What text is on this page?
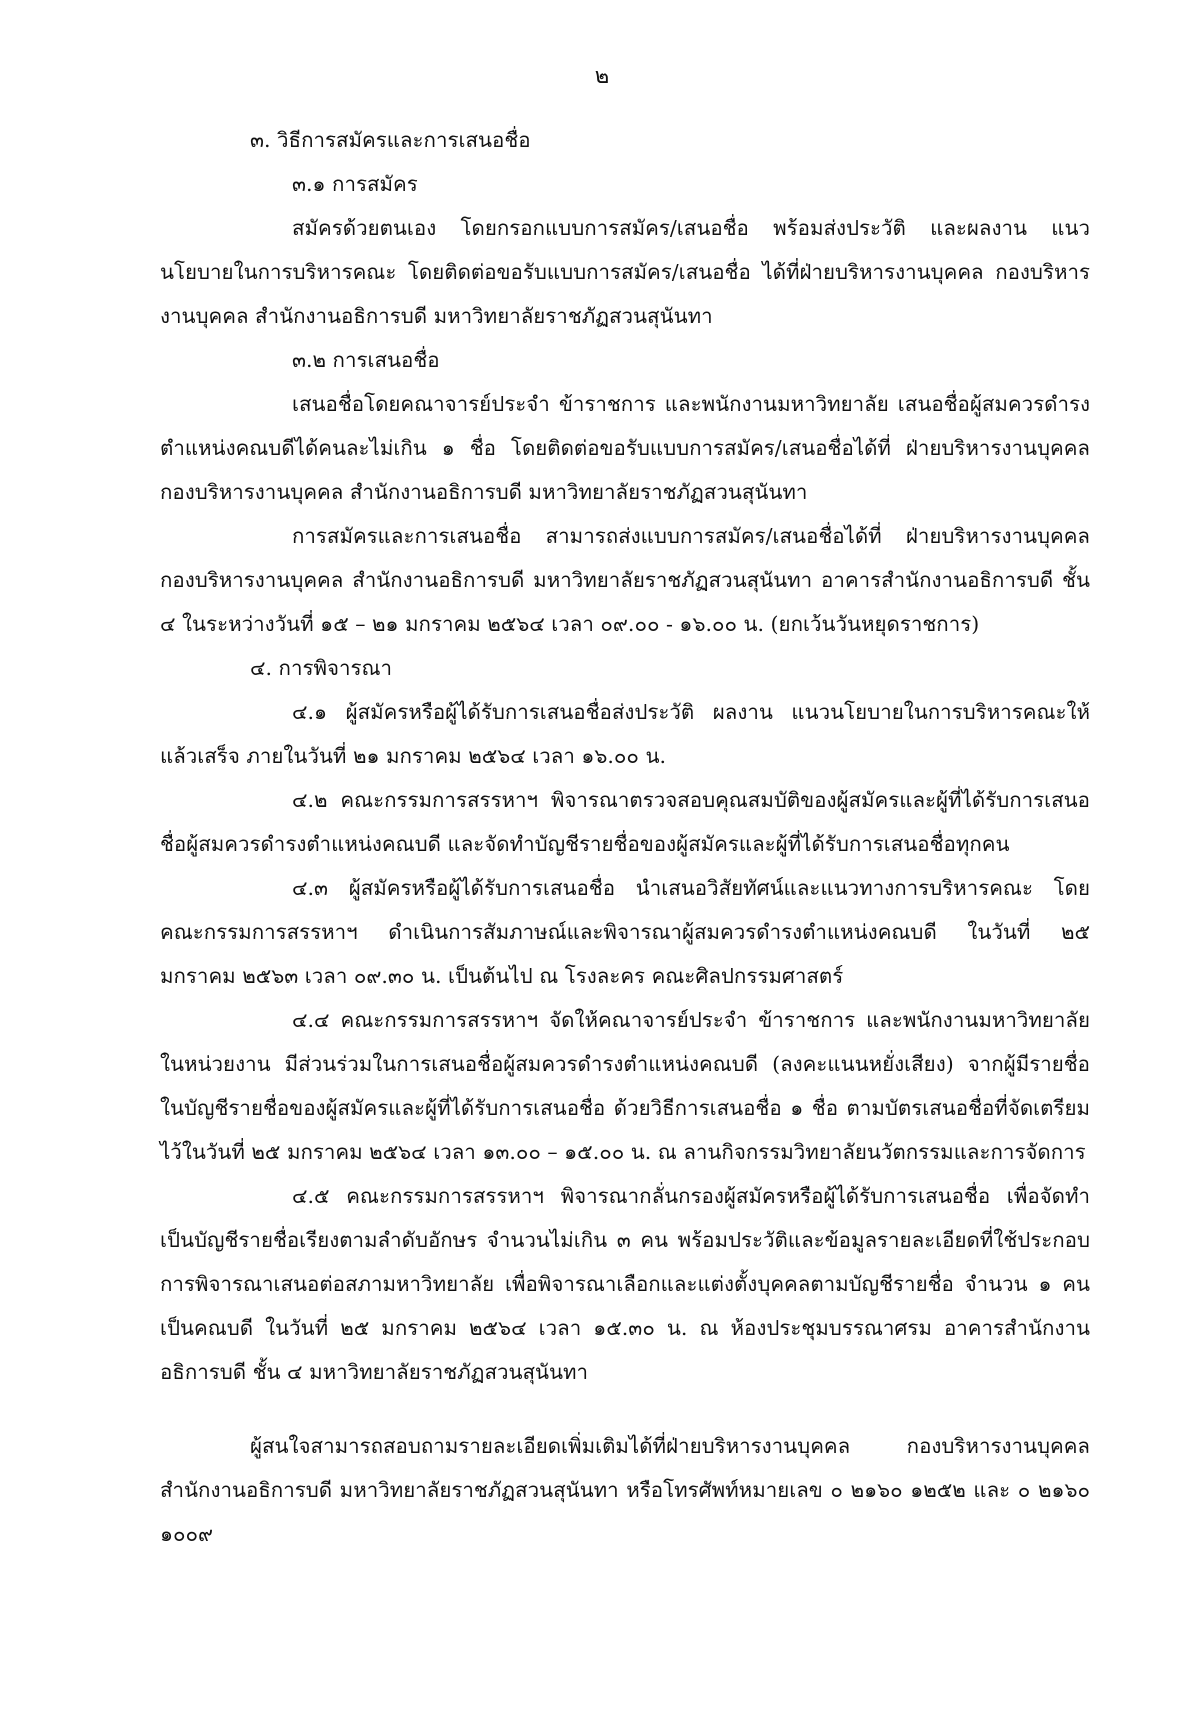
๒

๓. วิธีการสมัครและการเสนอชื่อ

๓.๑ การสมัคร

สมัครด้วยตนเอง โดยกรอกแบบการสมัคร/เสนอชื่อ พร้อมส่งประวัติ และผลงาน แนวนโยบายในการบริหารคณะ โดยติดต่อขอรับแบบการสมัคร/เสนอชื่อ ได้ที่ฝ่ายบริหารงานบุคคล กองบริหารงานบุคคล สำนักงานอธิการบดี มหาวิทยาลัยราชภัฏสวนสุนันทา

๓.๒ การเสนอชื่อ

เสนอชื่อโดยคณาจารย์ประจำ ข้าราชการ และพนักงานมหาวิทยาลัย เสนอชื่อผู้สมควรดำรงตำแหน่งคณบดีได้คนละไม่เกิน ๑ ชื่อ โดยติดต่อขอรับแบบการสมัคร/เสนอชื่อได้ที่ ฝ่ายบริหารงานบุคคล กองบริหารงานบุคคล สำนักงานอธิการบดี มหาวิทยาลัยราชภัฏสวนสุนันทา

การสมัครและการเสนอชื่อ สามารถส่งแบบการสมัคร/เสนอชื่อได้ที่ ฝ่ายบริหารงานบุคคล กองบริหารงานบุคคล สำนักงานอธิการบดี มหาวิทยาลัยราชภัฏสวนสุนันทา อาคารสำนักงานอธิการบดี ชั้น ๔ ในระหว่างวันที่ ๑๕ – ๒๑ มกราคม ๒๕๖๔ เวลา ๐๙.๐๐ - ๑๖.๐๐ น. (ยกเว้นวันหยุดราชการ)

๔. การพิจารณา

๔.๑ ผู้สมัครหรือผู้ได้รับการเสนอชื่อส่งประวัติ ผลงาน แนวนโยบายในการบริหารคณะให้แล้วเสร็จ ภายในวันที่ ๒๑ มกราคม ๒๕๖๔ เวลา ๑๖.๐๐ น.

๔.๒ คณะกรรมการสรรหาฯ พิจารณาตรวจสอบคุณสมบัติของผู้สมัครและผู้ที่ได้รับการเสนอชื่อผู้สมควรดำรงตำแหน่งคณบดี และจัดทำบัญชีรายชื่อของผู้สมัครและผู้ที่ได้รับการเสนอชื่อทุกคน

๔.๓ ผู้สมัครหรือผู้ได้รับการเสนอชื่อ นำเสนอวิสัยทัศน์และแนวทางการบริหารคณะ โดยคณะกรรมการสรรหาฯ ดำเนินการสัมภาษณ์และพิจารณาผู้สมควรดำรงตำแหน่งคณบดี ในวันที่ ๒๕ มกราคม ๒๕๖๓ เวลา ๐๙.๓๐ น. เป็นต้นไป ณ โรงละคร คณะศิลปกรรมศาสตร์

๔.๔ คณะกรรมการสรรหาฯ จัดให้คณาจารย์ประจำ ข้าราชการ และพนักงานมหาวิทยาลัยในหน่วยงาน มีส่วนร่วมในการเสนอชื่อผู้สมควรดำรงตำแหน่งคณบดี (ลงคะแนนหยั่งเสียง) จากผู้มีรายชื่อในบัญชีรายชื่อของผู้สมัครและผู้ที่ได้รับการเสนอชื่อ ด้วยวิธีการเสนอชื่อ ๑ ชื่อ ตามบัตรเสนอชื่อที่จัดเตรียมไว้ในวันที่ ๒๕ มกราคม ๒๕๖๔ เวลา ๑๓.๐๐ – ๑๕.๐๐ น. ณ ลานกิจกรรมวิทยาลัยนวัตกรรมและการจัดการ

๔.๕ คณะกรรมการสรรหาฯ พิจารณากลั่นกรองผู้สมัครหรือผู้ได้รับการเสนอชื่อ เพื่อจัดทำเป็นบัญชีรายชื่อเรียงตามลำดับอักษร จำนวนไม่เกิน ๓ คน พร้อมประวัติและข้อมูลรายละเอียดที่ใช้ประกอบการพิจารณาเสนอต่อสภามหาวิทยาลัย เพื่อพิจารณาเลือกและแต่งตั้งบุคคลตามบัญชีรายชื่อ จำนวน ๑ คน เป็นคณบดี ในวันที่ ๒๕ มกราคม ๒๕๖๔ เวลา ๑๕.๓๐ น. ณ ห้องประชุมบรรณาศรม อาคารสำนักงานอธิการบดี ชั้น ๔ มหาวิทยาลัยราชภัฏสวนสุนันทา

ผู้สนใจสามารถสอบถามรายละเอียดเพิ่มเติมได้ที่ฝ่ายบริหารงานบุคคล กองบริหารงานบุคคล สำนักงานอธิการบดี มหาวิทยาลัยราชภัฏสวนสุนันทา หรือโทรศัพท์หมายเลข ๐ ๒๑๖๐ ๑๒๕๒ และ ๐ ๒๑๖๐ ๑๐๐๙
